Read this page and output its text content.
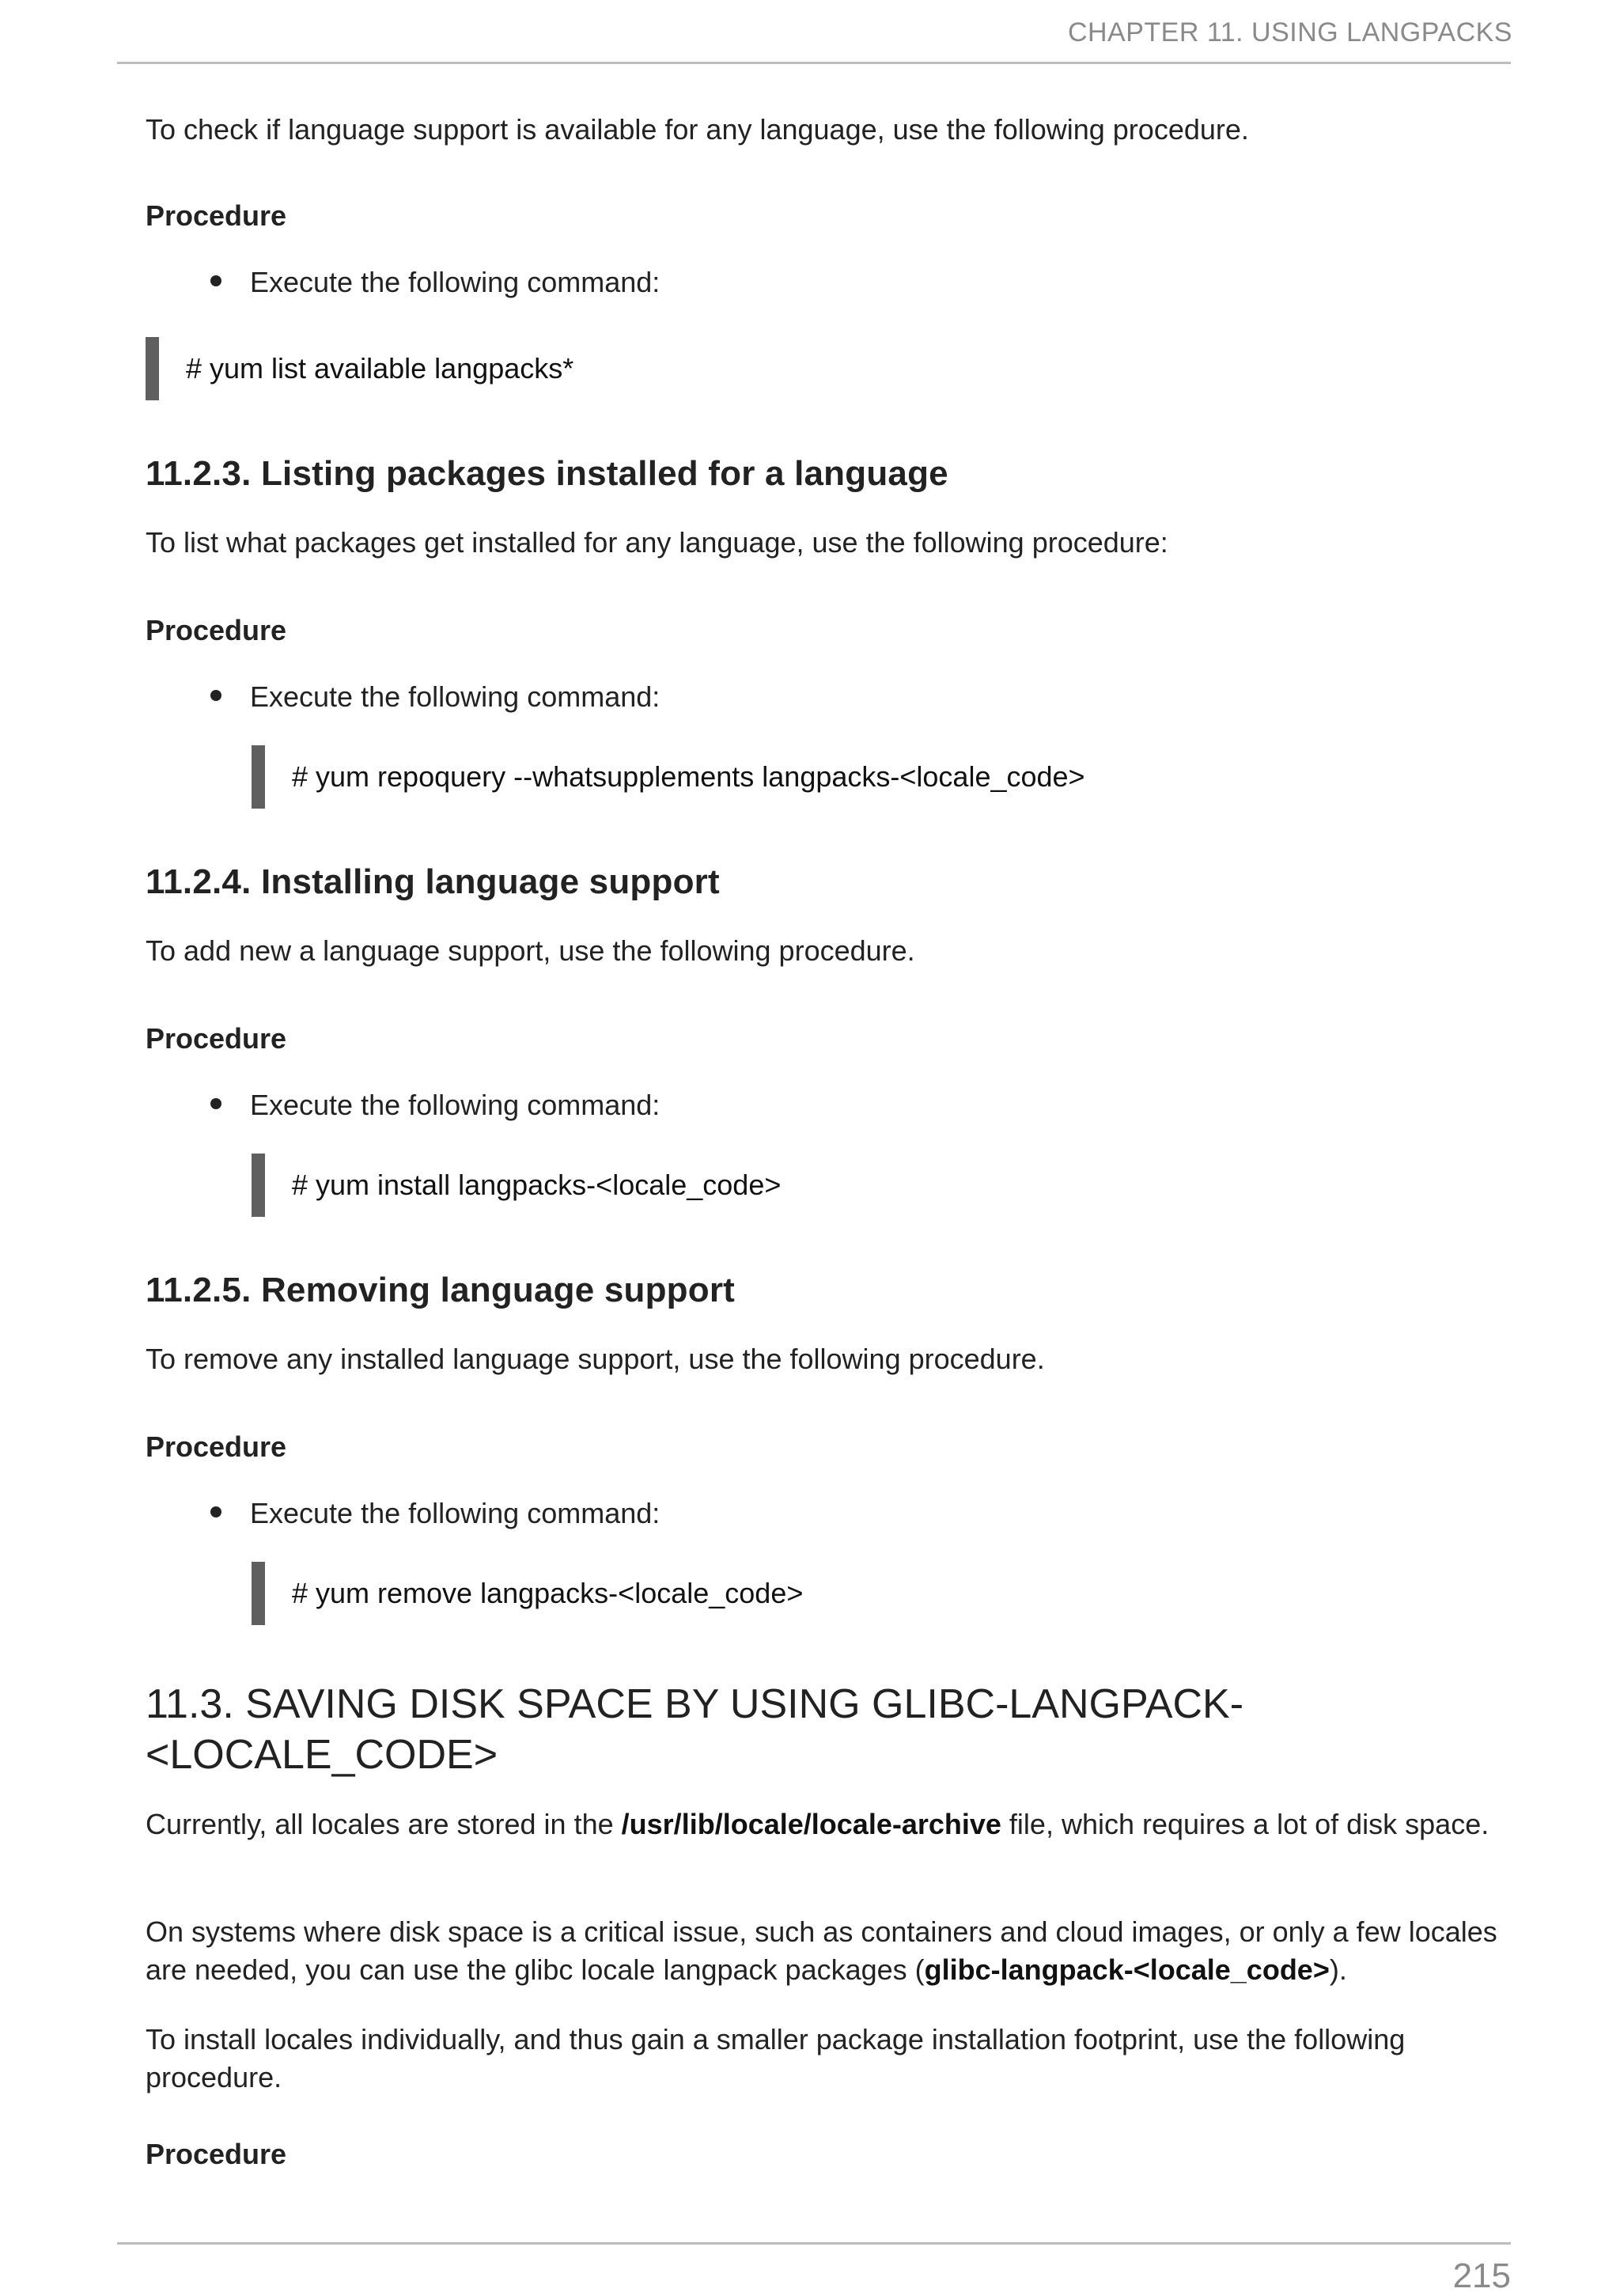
CHAPTER 11. USING LANGPACKS
To check if language support is available for any language, use the following procedure.
Procedure
Execute the following command:
# yum list available langpacks*
11.2.3. Listing packages installed for a language
To list what packages get installed for any language, use the following procedure:
Procedure
Execute the following command:
# yum repoquery --whatsupplements langpacks-<locale_code>
11.2.4. Installing language support
To add new a language support, use the following procedure.
Procedure
Execute the following command:
# yum install langpacks-<locale_code>
11.2.5. Removing language support
To remove any installed language support, use the following procedure.
Procedure
Execute the following command:
# yum remove langpacks-<locale_code>
11.3. SAVING DISK SPACE BY USING GLIBC-LANGPACK-
<LOCALE_CODE>
Currently, all locales are stored in the /usr/lib/locale/locale-archive file, which requires a lot of disk space.
On systems where disk space is a critical issue, such as containers and cloud images, or only a few locales are needed, you can use the glibc locale langpack packages (glibc-langpack-<locale_code>).
To install locales individually, and thus gain a smaller package installation footprint, use the following procedure.
Procedure
215
